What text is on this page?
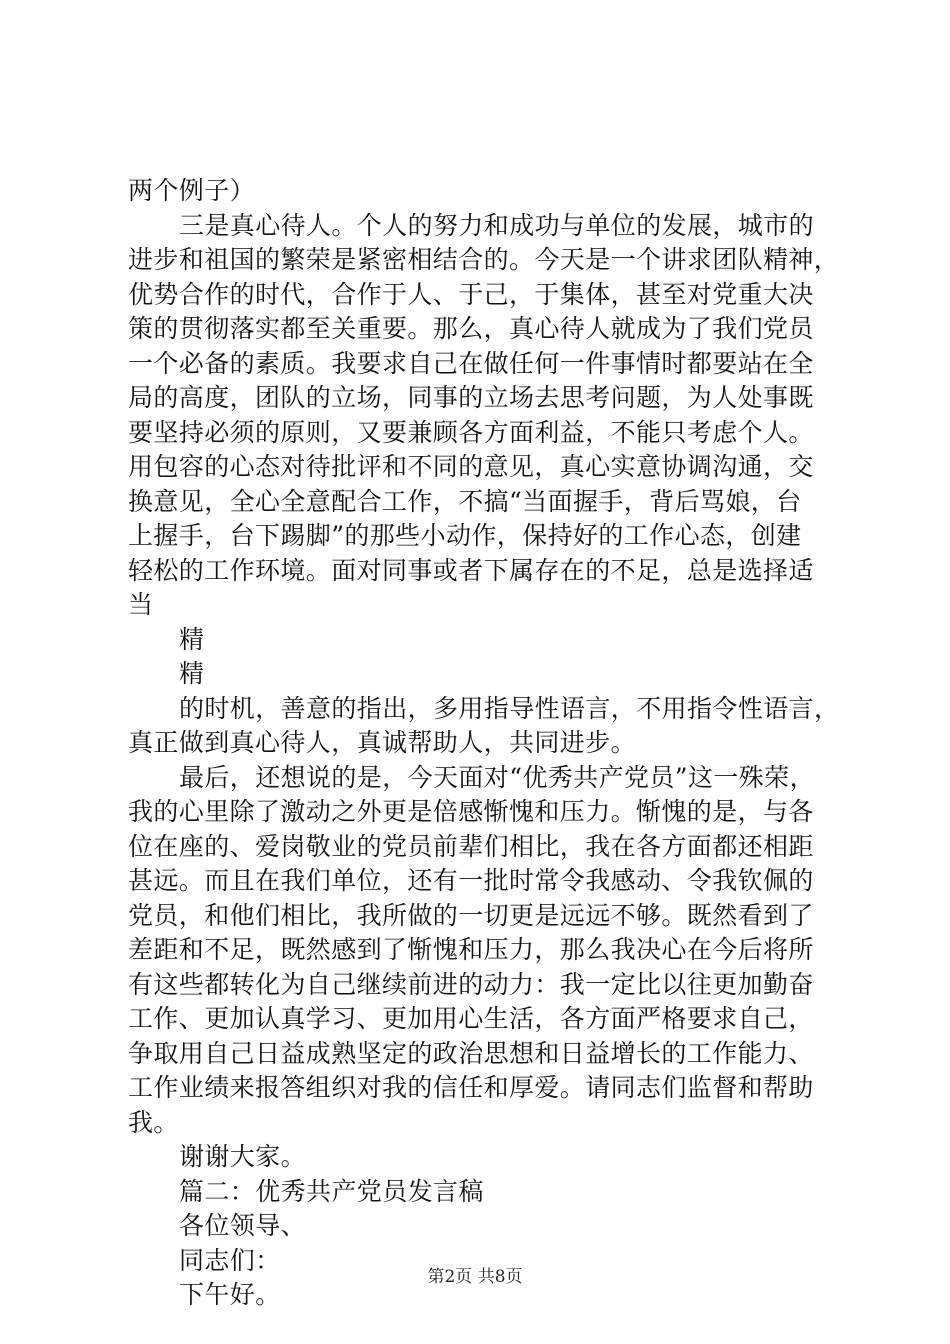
两个例子）
三是真心待人。个人的努力和成功与单位的发展，城市的
进步和祖国的繁荣是紧密相结合的。今天是一个讲求团队精神，
优势合作的时代，合作于人、于己，于集体，甚至对党重大决
策的贯彻落实都至关重要。那么，真心待人就成为了我们党员
一个必备的素质。我要求自己在做任何一件事情时都要站在全
局的高度，团队的立场，同事的立场去思考问题，为人处事既
要坚持必须的原则，又要兼顾各方面利益，不能只考虑个人。
用包容的心态对待批评和不同的意见，真心实意协调沟通，交
换意见，全心全意配合工作，不搞“当面握手，背后骂娘，台
上握手，台下踢脚”的那些小动作，保持好的工作心态，创建
轻松的工作环境。面对同事或者下属存在的不足，总是选择适
当
精
精
的时机，善意的指出，多用指导性语言，不用指令性语言，
真正做到真心待人，真诚帮助人，共同进步。
最后，还想说的是，今天面对“优秀共产党员”这一殊荣，
我的心里除了激动之外更是倍感惭愧和压力。惭愧的是，与各
位在座的、爱岗敬业的党员前辈们相比，我在各方面都还相距
甚远。而且在我们单位，还有一批时常令我感动、令我钦佩的
党员，和他们相比，我所做的一切更是远远不够。既然看到了
差距和不足，既然感到了惭愧和压力，那么我决心在今后将所
有这些都转化为自己继续前进的动力：我一定比以往更加勤奋
工作、更加认真学习、更加用心生活，各方面严格要求自己，
争取用自己日益成熟坚定的政治思想和日益增长的工作能力、
工作业绩来报答组织对我的信任和厚爱。请同志们监督和帮助
我。
谢谢大家。
篇二：优秀共产党员发言稿
各位领导、
同志们：
下午好。
第2页 共8页
